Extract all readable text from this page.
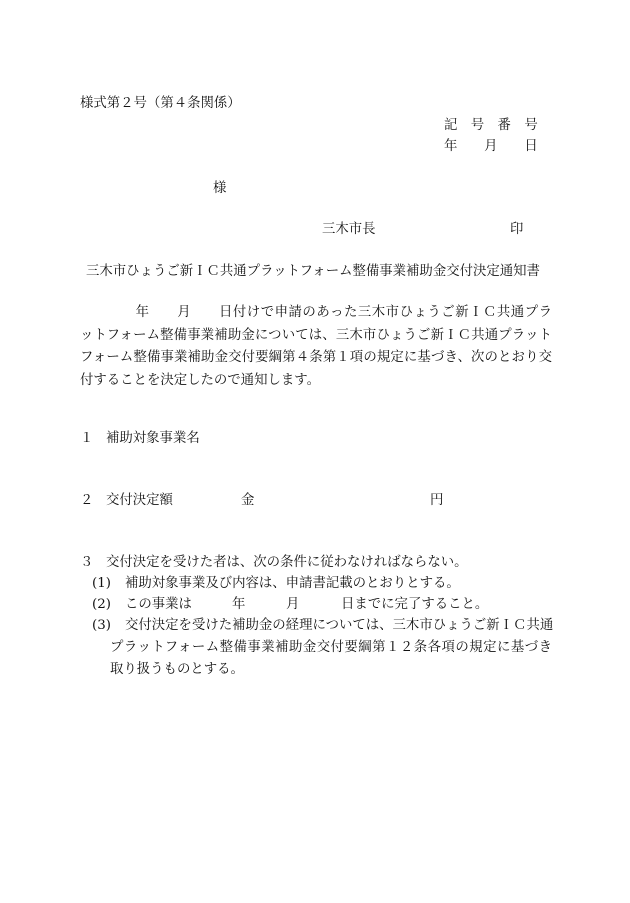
様式第２号（第４条関係）
記　号　番　号
年　　月　　日
様
三木市長	印
三木市ひょうご新ＩＣ共通プラットフォーム整備事業補助金交付決定通知書
　　　　年　　月　　日付けで申請のあった三木市ひょうご新ＩＣ共通プラ
ットフォーム整備事業補助金については、三木市ひょうご新ＩＣ共通プラット
フォーム整備事業補助金交付要綱第４条第１項の規定に基づき、次のとおり交
付することを決定したので通知します。
１ 補助対象事業名
２ 交付決定額	金	円
３ 交付決定を受けた者は、次の条件に従わなければならない。
(1) 補助対象事業及び内容は、申請書記載のとおりとする。
(2) この事業は	年	月	日までに完了すること。
(3) 交付決定を受けた補助金の経理については、三木市ひょうご新ＩＣ共通
プラットフォーム整備事業補助金交付要綱第１２条各項の規定に基づき
取り扱うものとする。
